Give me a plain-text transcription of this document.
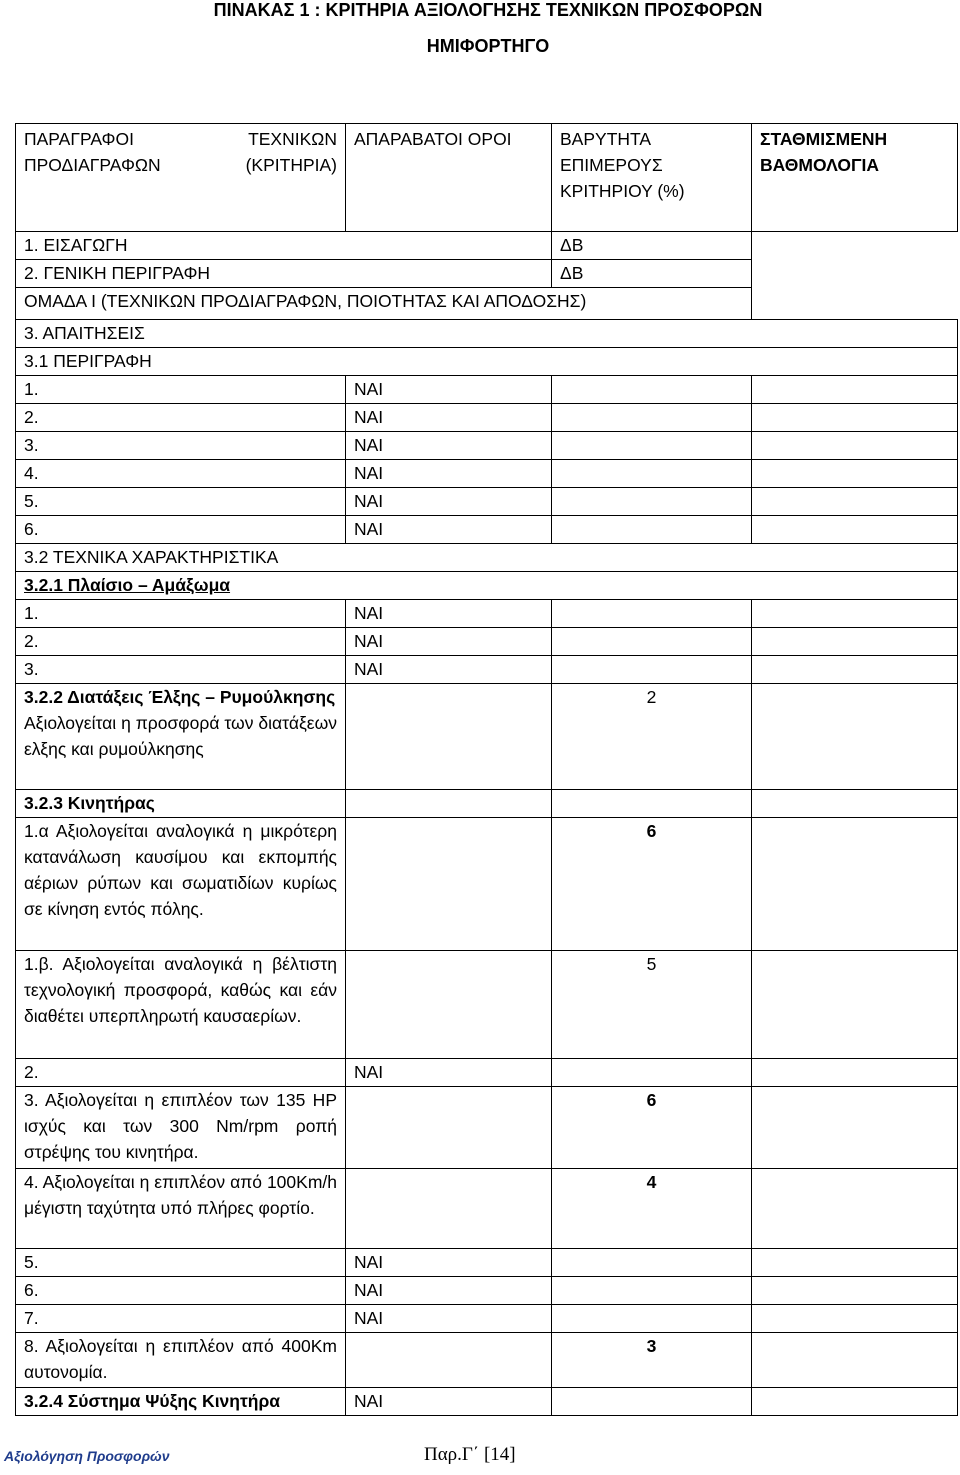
ΠΙΝΑΚΑΣ 1 : ΚΡΙΤΗΡΙΑ ΑΞΙΟΛΟΓΗΣΗΣ ΤΕΧΝΙΚΩΝ ΠΡΟΣΦΟΡΩΝ
ΗΜΙΦΟΡΤΗΓΟ
ΠΑΡΑΓΡΑΦΟΙ ΤΕΧΝΙΚΩΝ ΠΡΟΔΙΑΓΡΑΦΩΝ (ΚΡΙΤΗΡΙΑ)	ΑΠΑΡΑΒΑΤΟΙ ΟΡΟΙ	ΒΑΡΥΤΗΤΑ ΕΠΙΜΕΡΟΥΣ ΚΡΙΤΗΡΙΟΥ (%)	ΣΤΑΘΜΙΣΜΕΝΗ ΒΑΘΜΟΛΟΓΙΑ

1. ΕΙΣΑΓΩΓΗ		ΔΒ	
2. ΓΕΝΙΚΗ ΠΕΡΙΓΡΑΦΗ		ΔΒ	
ΟΜΑΔΑ Ι (ΤΕΧΝΙΚΩΝ ΠΡΟΔΙΑΓΡΑΦΩΝ, ΠΟΙΟΤΗΤΑΣ ΚΑΙ ΑΠΟΔΟΣΗΣ)			
3. ΑΠΑΙΤΗΣΕΙΣ			
3.1 ΠΕΡΙΓΡΑΦΗ			
1.	ΝΑΙ		
2.	ΝΑΙ		
3.	ΝΑΙ		
4.	ΝΑΙ		
5.	ΝΑΙ		
6.	ΝΑΙ		
3.2 ΤΕΧΝΙΚΑ ΧΑΡΑΚΤΗΡΙΣΤΙΚΑ			
3.2.1 Πλαίσιο – Αμάξωμα			
1.	ΝΑΙ		
2.	ΝΑΙ		
3.	ΝΑΙ		

3.2.2 Διατάξεις Έλξης – Ρυμούλκησης
Αξιολογείται η προσφορά των διατάξεων ελξης και ρυμούλκησης		2	
3.2.3 Κινητήρας			
1.α Αξιολογείται αναλογικά η μικρότερη κατανάλωση καυσίμου και εκπομπής αέριων ρύπων και σωματιδίων κυρίως σε κίνηση εντός πόλης.		6	
1.β. Αξιολογείται αναλογικά η βέλτιστη τεχνολογική προσφορά, καθώς και εάν διαθέτει υπερπληρωτή καυσαερίων.		5	
2.	ΝΑΙ		
3. Αξιολογείται η επιπλέον των 135 HP ισχύς και των 300 Nm/rpm ροπή στρέψης του κινητήρα.		6	
4. Αξιολογείται η επιπλέον από 100Km/h μέγιστη ταχύτητα υπό πλήρες φορτίο.		4	
5.	ΝΑΙ		
6.	ΝΑΙ		
7.	ΝΑΙ		
8. Αξιολογείται η επιπλέον από 400Km αυτονομία.		3	
3.2.4 Σύστημα Ψύξης Κινητήρα	ΝΑΙ		
Αξιολόγηση Προσφορών	Παρ.Γ΄ [14]
